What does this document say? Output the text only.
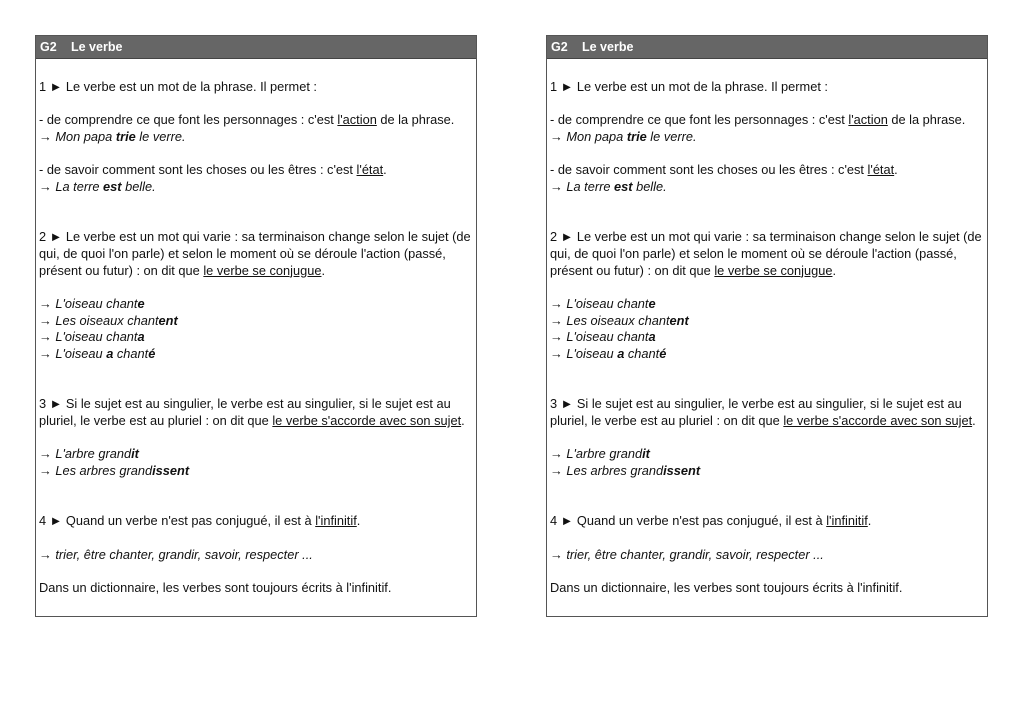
G2 Le verbe

1 ► Le verbe est un mot de la phrase. Il permet :

- de comprendre ce que font les personnages : c'est l'action de la phrase.

→ Mon papa trie le verre.

- de savoir comment sont les choses ou les êtres : c'est l'état.

→ La terre est belle.

2 ► Le verbe est un mot qui varie : sa terminaison change selon le sujet (de qui, de quoi l'on parle) et selon le moment où se déroule l'action (passé, présent ou futur) : on dit que le verbe se conjugue.

→ L'oiseau chante

→ Les oiseaux chantent

→ L'oiseau chanta

→ L'oiseau a chanté

3 ► Si le sujet est au singulier, le verbe est au singulier, si le sujet est au pluriel, le verbe est au pluriel : on dit que le verbe s'accorde avec son sujet.

→ L'arbre grandit

→ Les arbres grandissent

4 ► Quand un verbe n'est pas conjugué, il est à l'infinitif.

→ trier, être chanter, grandir, savoir, respecter ...

Dans un dictionnaire, les verbes sont toujours écrits à l'infinitif.

G2 Le verbe

1 ► Le verbe est un mot de la phrase. Il permet :

- de comprendre ce que font les personnages : c'est l'action de la phrase.

→ Mon papa trie le verre.

- de savoir comment sont les choses ou les êtres : c'est l'état.

→ La terre est belle.

2 ► Le verbe est un mot qui varie : sa terminaison change selon le sujet (de qui, de quoi l'on parle) et selon le moment où se déroule l'action (passé, présent ou futur) : on dit que le verbe se conjugue.

→ L'oiseau chante

→ Les oiseaux chantent

→ L'oiseau chanta

→ L'oiseau a chanté

3 ► Si le sujet est au singulier, le verbe est au singulier, si le sujet est au pluriel, le verbe est au pluriel : on dit que le verbe s'accorde avec son sujet.

→ L'arbre grandit

→ Les arbres grandissent

4 ► Quand un verbe n'est pas conjugué, il est à l'infinitif.

→ trier, être chanter, grandir, savoir, respecter ...

Dans un dictionnaire, les verbes sont toujours écrits à l'infinitif.
